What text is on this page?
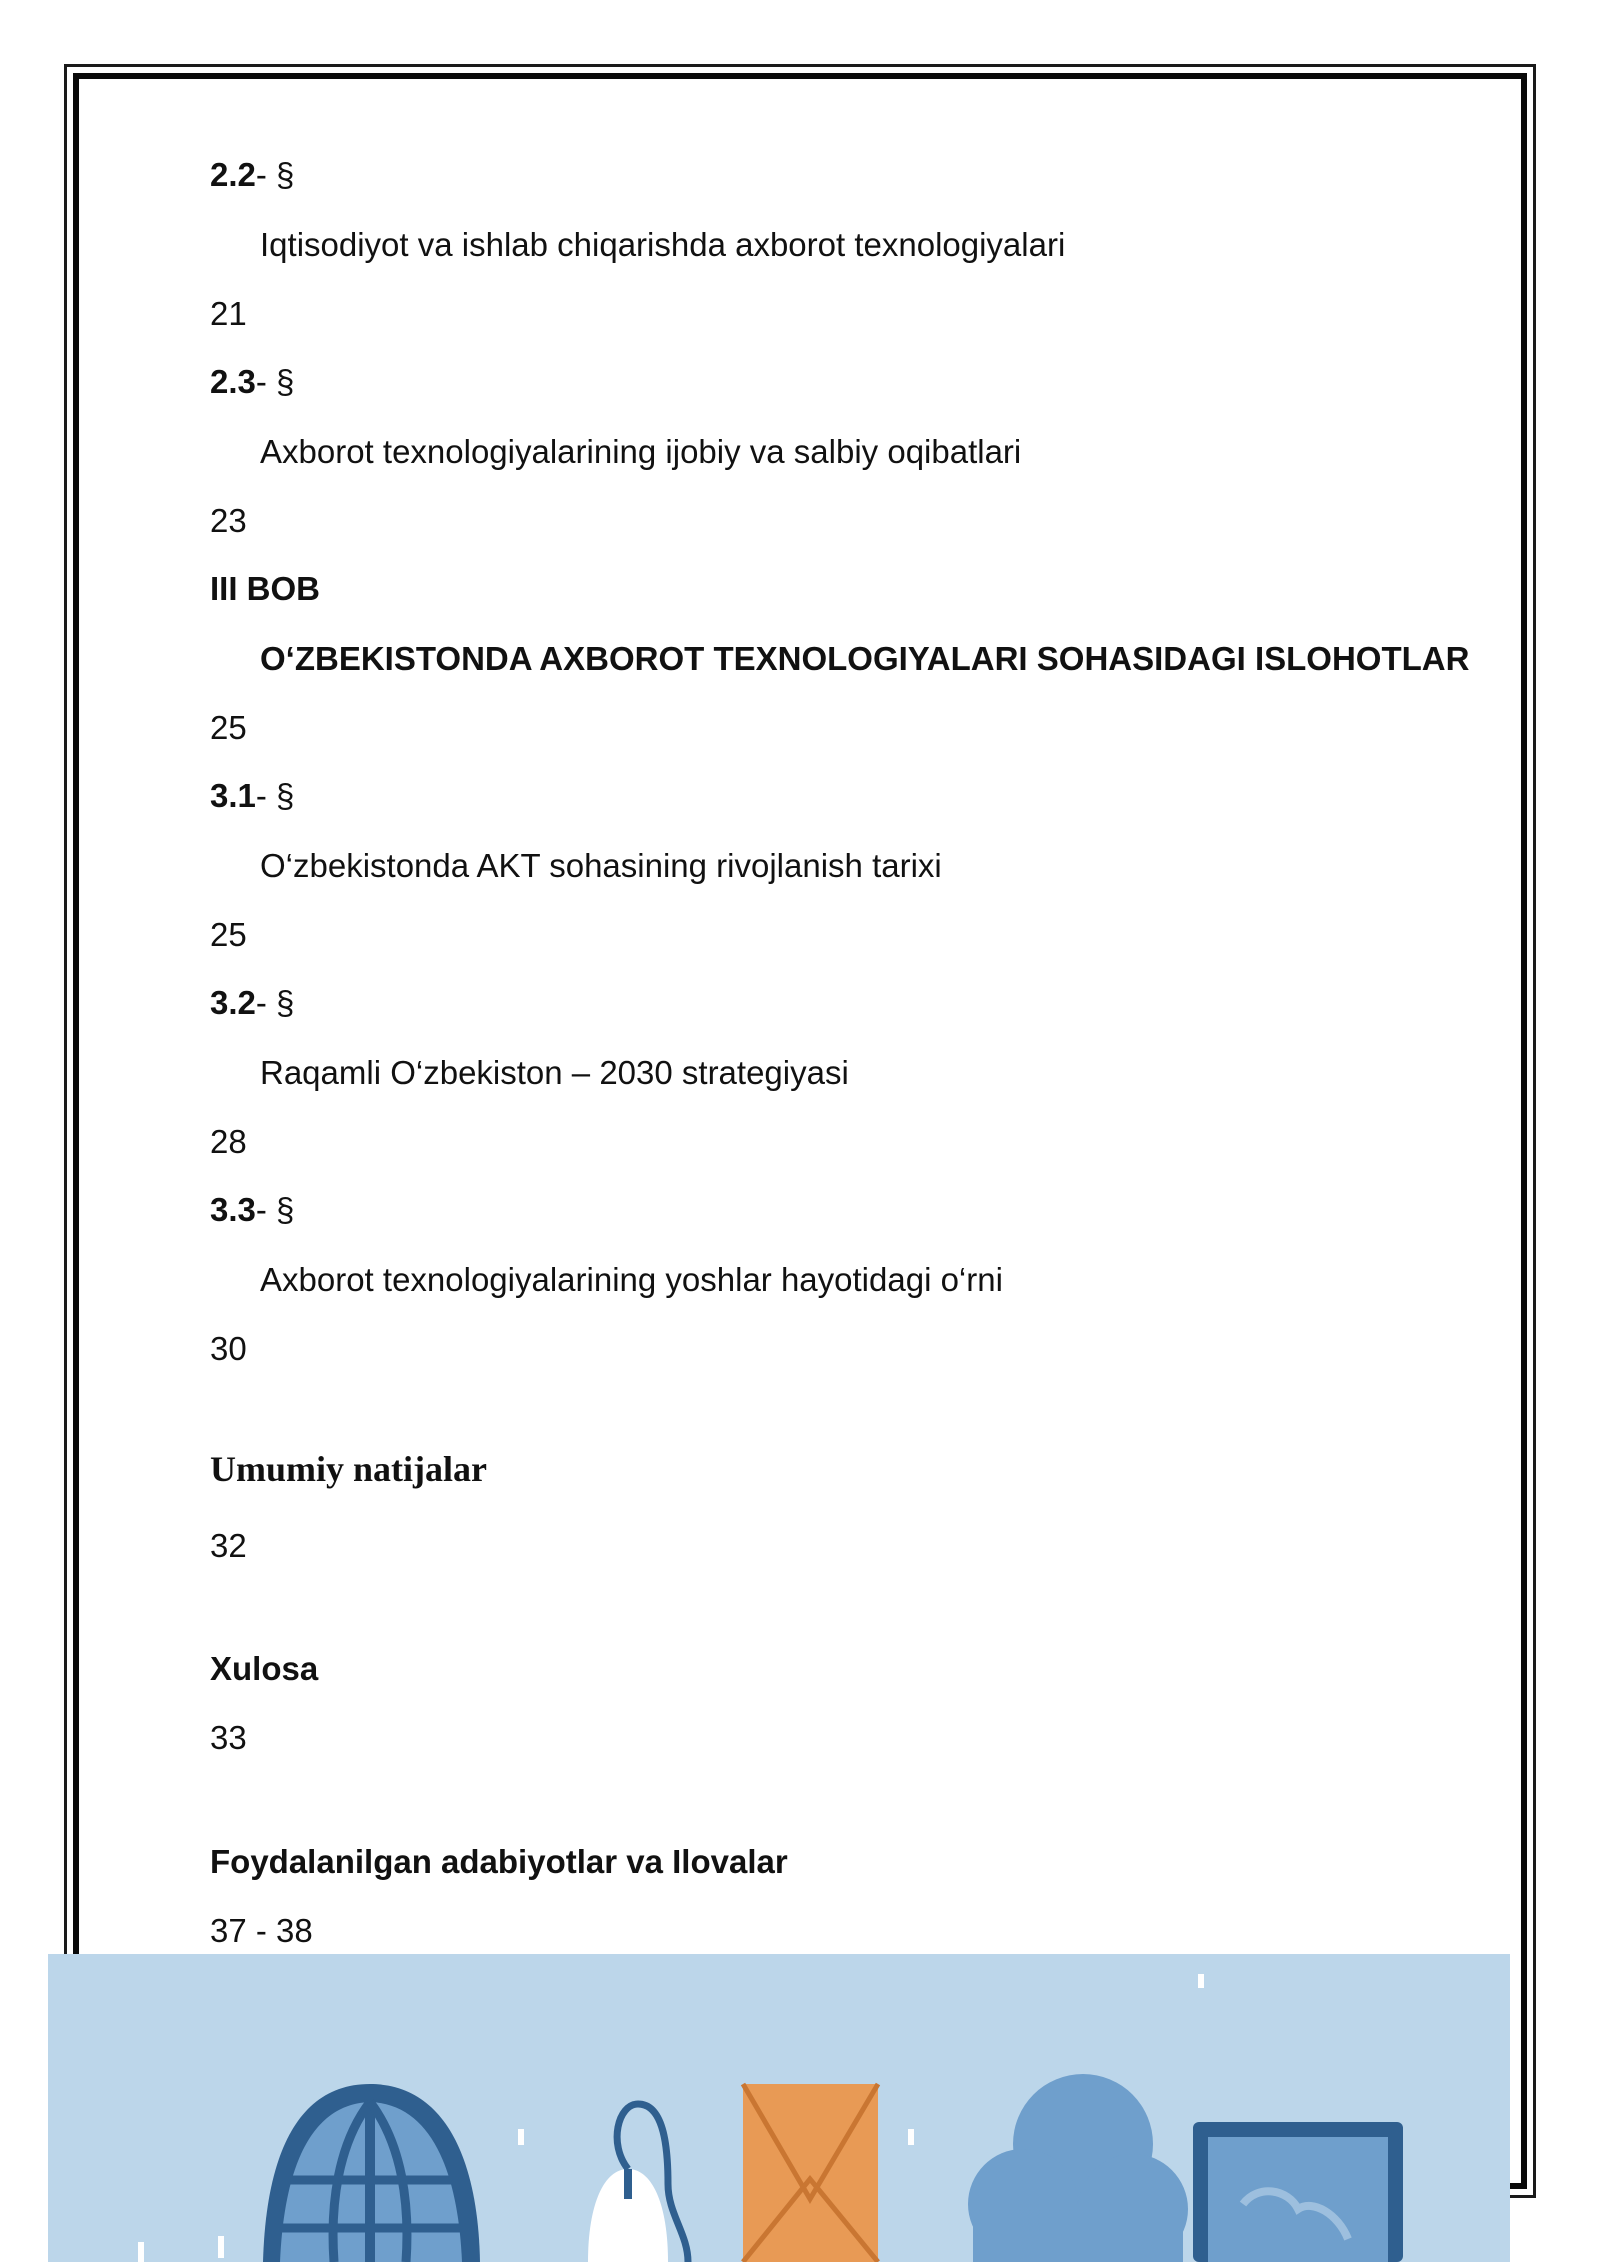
2.2- §
Iqtisodiyot va ishlab chiqarishda axborot texnologiyalari
21
2.3- §
Axborot texnologiyalarining ijobiy va salbiy oqibatlari
23
III BOB
O‘ZBEKISTONDA AXBOROT TEXNOLOGIYALARI SOHASIDAGI ISLOHOTLAR
25
3.1- §
O‘zbekistonda AKT sohasining rivojlanish tarixi
25
3.2- §
Raqamli O‘zbekiston – 2030 strategiyasi
28
3.3- §
Axborot texnologiyalarining yoshlar hayotidagi o‘rni
30
Umumiy natijalar
32
Xulosa
33
Foydalanilgan adabiyotlar va Ilovalar
37 - 38
